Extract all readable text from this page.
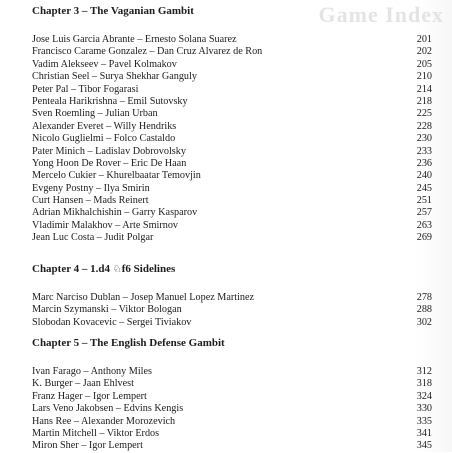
Game Index
Chapter 3 – The Vaganian Gambit
Jose Luis Garcia Abrante – Ernesto Solana Suarez	201
Francisco Carame Gonzalez – Dan Cruz Alvarez de Ron	202
Vadim Alekseev – Pavel Kolmakov	205
Christian Seel – Surya Shekhar Ganguly	210
Peter Pal – Tibor Fogarasi	214
Penteala Harikrishna – Emil Sutovsky	218
Sven Roemling – Julian Urban	225
Alexander Everet – Willy Hendriks	228
Nicolo Guglielmi – Folco Castaldo	230
Pater Minich – Ladislav Dobrovolsky	233
Yong Hoon De Rover – Eric De Haan	236
Mercelo Cukier – Khurelbaatar Temovjin	240
Evgeny Postny – Ilya Smirin	245
Curt Hansen – Mads Reinert	251
Adrian Mikhalchishin – Garry Kasparov	257
Vladimir Malakhov – Arte Smirnov	263
Jean Luc Costa – Judit Polgar	269
Chapter 4 – 1.d4 ♘f6 Sidelines
Marc Narciso Dublan – Josep Manuel Lopez Martinez	278
Marcin Szymanski – Viktor Bologan	288
Slobodan Kovacevic – Sergei Tiviakov	302
Chapter 5 – The English Defense Gambit
Ivan Farago – Anthony Miles	312
K. Burger – Jaan Ehlvest	318
Franz Hager – Igor Lempert	324
Lars Veno Jakobsen – Edvins Kengis	330
Hans Ree – Alexander Morozevich	335
Martin Mitchell – Viktor Erdos	341
Miron Sher – Igor Lempert	345
